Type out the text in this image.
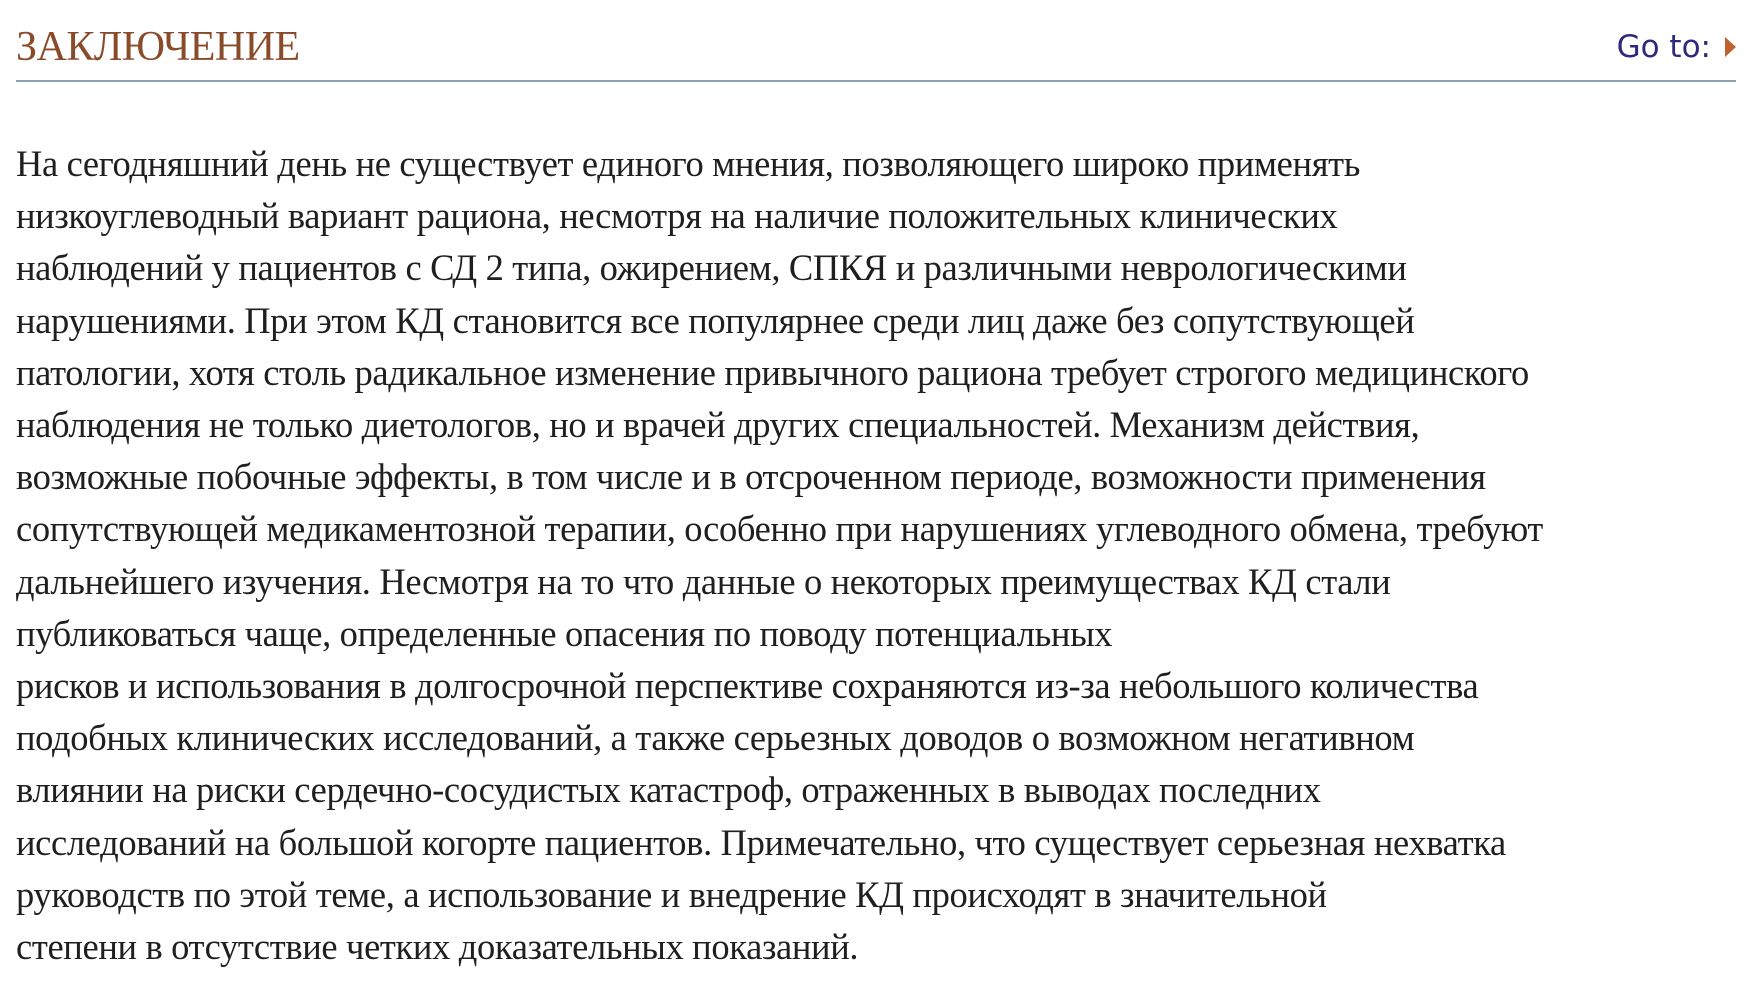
ЗАКЛЮЧЕНИЕ	Go to:

На сегодняшний день не существует единого мнения, позволяющего широко применять
низкоуглеводный вариант рациона, несмотря на наличие положительных клинических
наблюдений у пациентов с СД 2 типа, ожирением, СПКЯ и различными неврологическими
нарушениями. При этом КД становится все популярнее среди лиц даже без сопутствующей
патологии, хотя столь радикальное изменение привычного рациона требует строгого медицинского
наблюдения не только диетологов, но и врачей других специальностей. Механизм действия,
возможные побочные эффекты, в том числе и в отсроченном периоде, возможности применения
сопутствующей медикаментозной терапии, особенно при нарушениях углеводного обмена, требуют
дальнейшего изучения. Несмотря на то что данные о некоторых преимуществах КД стали
публиковаться чаще, определенные опасения по поводу потенциальных
рисков и использования в долгосрочной перспективе сохраняются из-за небольшого количества
подобных клинических исследований, а также серьезных доводов о возможном негативном
влиянии на риски сердечно-сосудистых катастроф, отраженных в выводах последних
исследований на большой когорте пациентов. Примечательно, что существует серьезная нехватка
руководств по этой теме, а использование и внедрение КД происходят в значительной
степени в отсутствие четких доказательных показаний.
